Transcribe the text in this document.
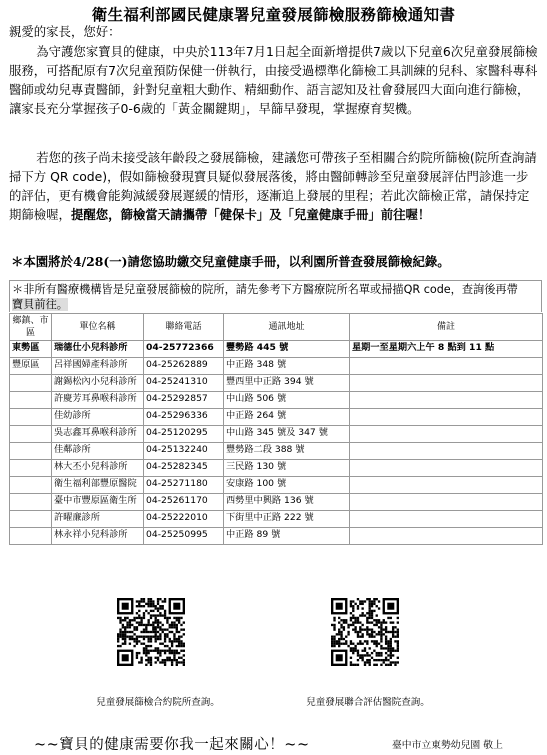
衛生福利部國民健康署兒童發展篩檢服務篩檢通知書
親愛的家長，您好：
為守護您家寶貝的健康，中央於113年7月1日起全面新增提供7歲以下兒童6次兒童發展篩檢服務，可搭配原有7次兒童預防保健一併執行，由接受過標準化篩檢工具訓練的兒科、家醫科專科醫師或幼兒專責醫師，針對兒童粗大動作、精細動作、語言認知及社會發展四大面向進行篩檢，讓家長充分掌握孩子0-6歲的「黃金關鍵期」，早篩早發現，掌握療育契機。
若您的孩子尚未接受該年齡段之發展篩檢，建議您可帶孩子至相關合約院所篩檢(院所查詢請掃下方 QR code)，假如篩檢發現寶貝疑似發展落後，將由醫師轉診至兒童發展評估門診進一步的評估，更有機會能夠減緩發展遲緩的情形，逐漸追上發展的里程；若此次篩檢正常，請保持定期篩檢喔，提醒您，篩檢當天請攜帶「健保卡」及「兒童健康手冊」前往喔！
＊本園將於4/28(一)請您協助繳交兒童健康手冊，以利園所普查發展篩檢紀錄。
＊非所有醫療機構皆是兒童發展篩檢的院所，請先參考下方醫療院所名單或掃描QR code，查詢後再帶
寶貝前往。
鄉鎮、市區	單位名稱	聯絡電話	通訊地址	備註
東勢區	瑞德仕小兒科診所	04-25772366	豐勢路 445 號	星期一至星期六上午 8 點到 11 點
豐原區	呂祥國婦產科診所	04-25262889	中正路 348 號	
	謝錫松內小兒科診所	04-25241310	豐西里中正路 394 號	
	許慶芳耳鼻喉科診所	04-25292857	中山路 506 號	
	佳幼診所	04-25296336	中正路 264 號	
	吳志鑫耳鼻喉科診所	04-25120295	中山路 345 號及 347 號	
	佳鄰診所	04-25132240	豐勢路二段 388 號	
	林大丕小兒科診所	04-25282345	三民路 130 號	
	衛生福利部豐原醫院	04-25271180	安康路 100 號	
	臺中市豐原區衛生所	04-25261170	西勢里中興路 136 號	
	許曜亷診所	04-25222010	下街里中正路 222 號	
	林永祥小兒科診所	04-25250995	中正路 89 號	
兒童發展篩檢合約院所查詢。	兒童發展聯合評估醫院查詢。
~~寶貝的健康需要你我一起來關心！~~	臺中市立東勢幼兒園 敬上
